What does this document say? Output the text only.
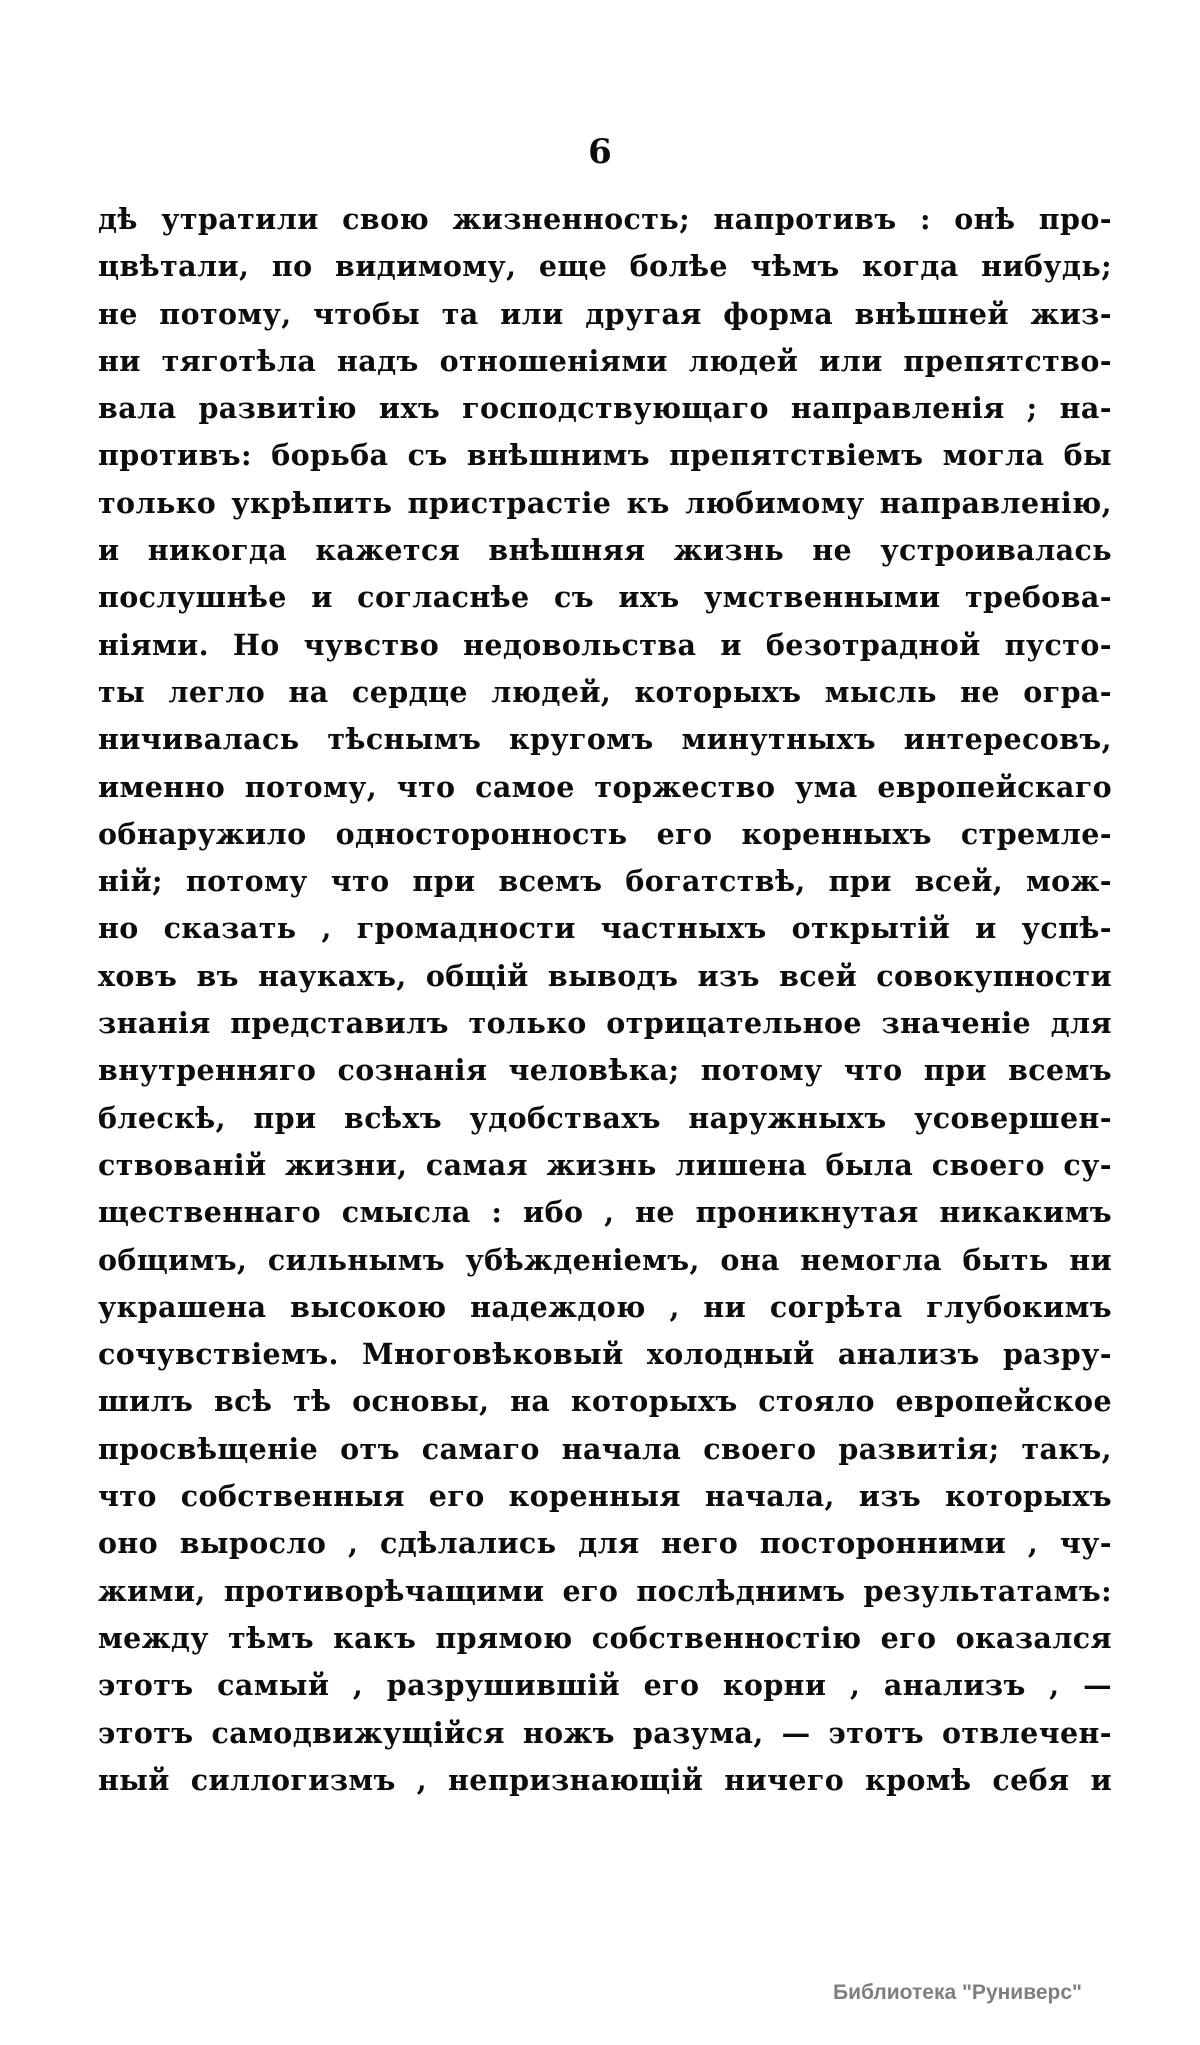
6
дѣ утратили свою жизненность; напротивъ : онѣ про-
цвѣтали, по видимому, еще болѣе чѣмъ когда нибудь;
не потому, чтобы та или другая форма внѣшней жиз-
ни тяготѣла надъ отношеніями людей или препятство-
вала развитію ихъ господствующаго направленія ; на-
противъ: борьба съ внѣшнимъ препятствіемъ могла бы
только укрѣпить пристрастіе къ любимому направленію,
и никогда кажется внѣшняя жизнь не устроивалась
послушнѣе и согласнѣе съ ихъ умственными требова-
ніями. Но чувство недовольства и безотрадной пусто-
ты легло на сердце людей, которыхъ мысль не огра-
ничивалась тѣснымъ кругомъ минутныхъ интересовъ,
именно потому, что самое торжество ума европейскаго
обнаружило односторонность его коренныхъ стремле-
ній; потому что при всемъ богатствѣ, при всей, мож-
но сказать , громадности частныхъ открытій и успѣ-
ховъ въ наукахъ, общій выводъ изъ всей совокупности
знанія представилъ только отрицательное значеніе для
внутренняго сознанія человѣка; потому что при всемъ
блескѣ, при всѣхъ удобствахъ наружныхъ усовершен-
ствованій жизни, самая жизнь лишена была своего су-
щественнаго смысла : ибо , не проникнутая никакимъ
общимъ, сильнымъ убѣжденіемъ, она немогла быть ни
украшена высокою надеждою , ни согрѣта глубокимъ
сочувствіемъ. Многовѣковый холодный анализъ разру-
шилъ всѣ тѣ основы, на которыхъ стояло европейское
просвѣщеніе отъ самаго начала своего развитія; такъ,
что собственныя его коренныя начала, изъ которыхъ
оно выросло , сдѣлались для него посторонними , чу-
жими, противорѣчащими его послѣднимъ результатамъ:
между тѣмъ какъ прямою собственностію его оказался
этотъ самый , разрушившій его корни , анализъ , —
этотъ самодвижущійся ножъ разума, — этотъ отвлечен-
ный силлогизмъ , непризнающій ничего кромѣ себя и
Библиотека "Руниверс"
